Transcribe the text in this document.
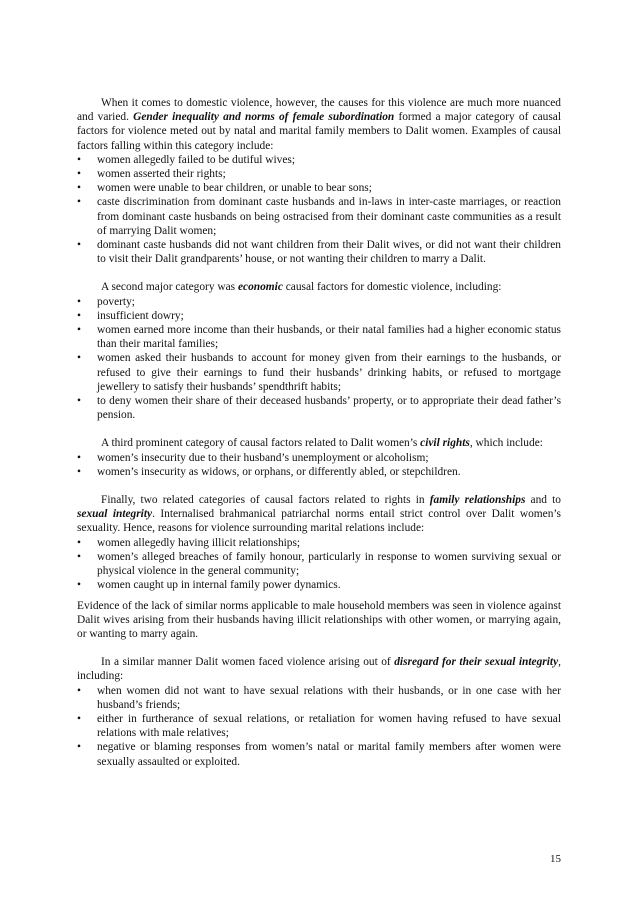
When it comes to domestic violence, however, the causes for this violence are much more nuanced and varied. Gender inequality and norms of female subordination formed a major category of causal factors for violence meted out by natal and marital family members to Dalit women. Examples of causal factors falling within this category include:

• women allegedly failed to be dutiful wives;
• women asserted their rights;
• women were unable to bear children, or unable to bear sons;
• caste discrimination from dominant caste husbands and in-laws in inter-caste marriages, or reaction from dominant caste husbands on being ostracised from their dominant caste communities as a result of marrying Dalit women;
• dominant caste husbands did not want children from their Dalit wives, or did not want their children to visit their Dalit grandparents’ house, or not wanting their children to marry a Dalit.

A second major category was economic causal factors for domestic violence, including:

• poverty;
• insufficient dowry;
• women earned more income than their husbands, or their natal families had a higher economic status than their marital families;
• women asked their husbands to account for money given from their earnings to the husbands, or refused to give their earnings to fund their husbands’ drinking habits, or refused to mortgage jewellery to satisfy their husbands’ spendthrift habits;
• to deny women their share of their deceased husbands’ property, or to appropriate their dead father’s pension.

A third prominent category of causal factors related to Dalit women’s civil rights, which include:

• women’s insecurity due to their husband’s unemployment or alcoholism;
• women’s insecurity as widows, or orphans, or differently abled, or stepchildren.

Finally, two related categories of causal factors related to rights in family relationships and to sexual integrity. Internalised brahmanical patriarchal norms entail strict control over Dalit women’s sexuality. Hence, reasons for violence surrounding marital relations include:

• women allegedly having illicit relationships;
• women’s alleged breaches of family honour, particularly in response to women surviving sexual or physical violence in the general community;
• women caught up in internal family power dynamics.

Evidence of the lack of similar norms applicable to male household members was seen in violence against Dalit wives arising from their husbands having illicit relationships with other women, or marrying again, or wanting to marry again.

In a similar manner Dalit women faced violence arising out of disregard for their sexual integrity, including:

• when women did not want to have sexual relations with their husbands, or in one case with her husband’s friends;
• either in furtherance of sexual relations, or retaliation for women having refused to have sexual relations with male relatives;
• negative or blaming responses from women’s natal or marital family members after women were sexually assaulted or exploited.
15
